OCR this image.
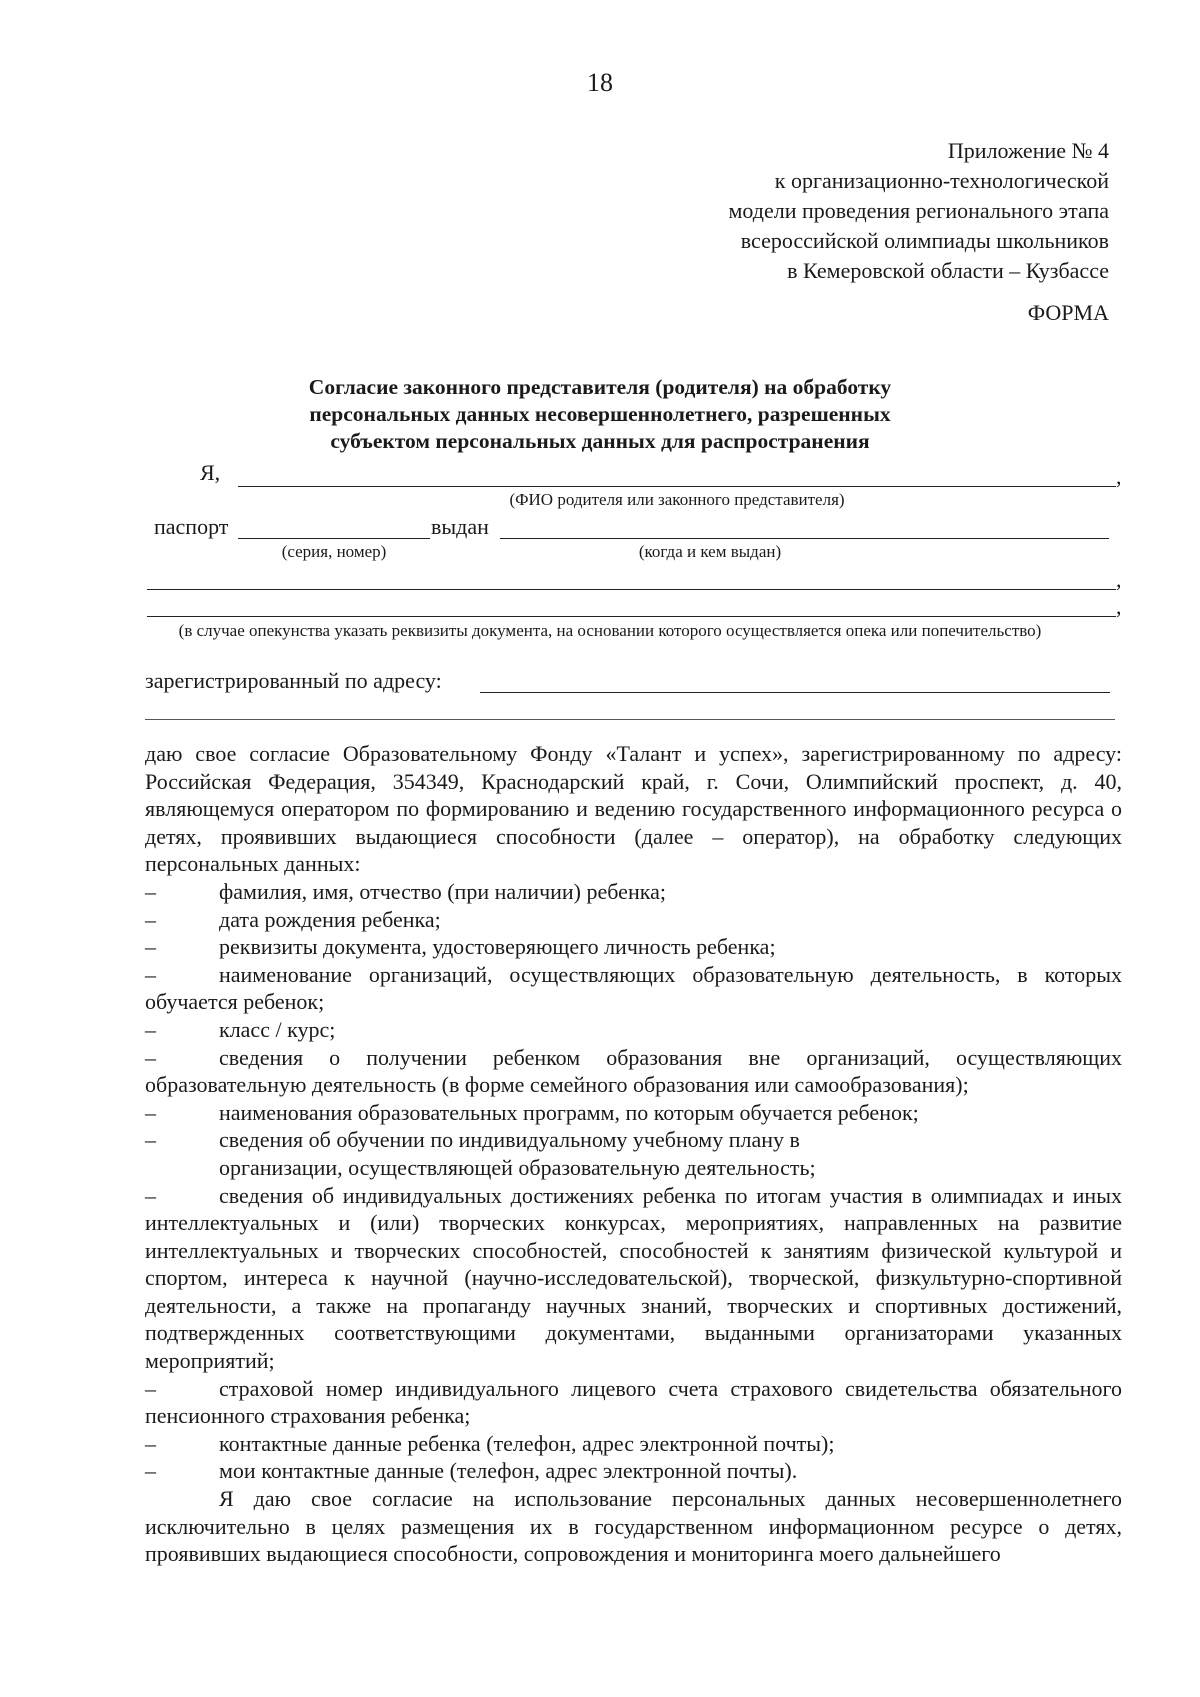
18
Приложение № 4
к организационно-технологической
модели проведения регионального этапа
всероссийской олимпиады школьников
в Кемеровской области – Кузбассе
ФОРМА
Согласие законного представителя (родителя) на обработку
персональных данных несовершеннолетнего, разрешенных
субъектом персональных данных для распространения
Я,	,
(ФИО родителя или законного представителя)
паспорт	выдан
(серия, номер)	(когда и кем выдан)
,
,
(в случае опекунства указать реквизиты документа, на основании которого осуществляется опека или попечительство)
зарегистрированный по адресу:

даю свое согласие Образовательному Фонду «Талант и успех», зарегистрированному по адресу: Российская Федерация, 354349, Краснодарский край, г. Сочи, Олимпийский проспект, д. 40, являющемуся оператором по формированию и ведению государственного информационного ресурса о детях, проявивших выдающиеся способности (далее – оператор), на обработку следующих персональных данных:

–	фамилия, имя, отчество (при наличии) ребенка;

–	дата рождения ребенка;

–	реквизиты документа, удостоверяющего личность ребенка;

–	наименование организаций, осуществляющих образовательную деятельность, в которых обучается ребенок;

–	класс / курс;

–	сведения о получении ребенком образования вне организаций, осуществляющих образовательную деятельность (в форме семейного образования или самообразования);

–	наименования образовательных программ, по которым обучается ребенок;

–	сведения об обучении по индивидуальному учебному плану в

организации, осуществляющей образовательную деятельность;

–	сведения об индивидуальных достижениях ребенка по итогам участия в олимпиадах и иных интеллектуальных и (или) творческих конкурсах, мероприятиях, направленных на развитие интеллектуальных и творческих способностей, способностей к занятиям физической культурой и спортом, интереса к научной (научно-исследовательской), творческой, физкультурно-спортивной деятельности, а также на пропаганду научных знаний, творческих и спортивных достижений, подтвержденных соответствующими документами, выданными организаторами указанных мероприятий;

–	страховой номер индивидуального лицевого счета страхового свидетельства обязательного пенсионного страхования ребенка;

–	контактные данные ребенка (телефон, адрес электронной почты);

–	мои контактные данные (телефон, адрес электронной почты).

Я даю свое согласие на использование персональных данных несовершеннолетнего исключительно в целях размещения их в государственном информационном ресурсе о детях, проявивших выдающиеся способности, сопровождения и мониторинга моего дальнейшего
